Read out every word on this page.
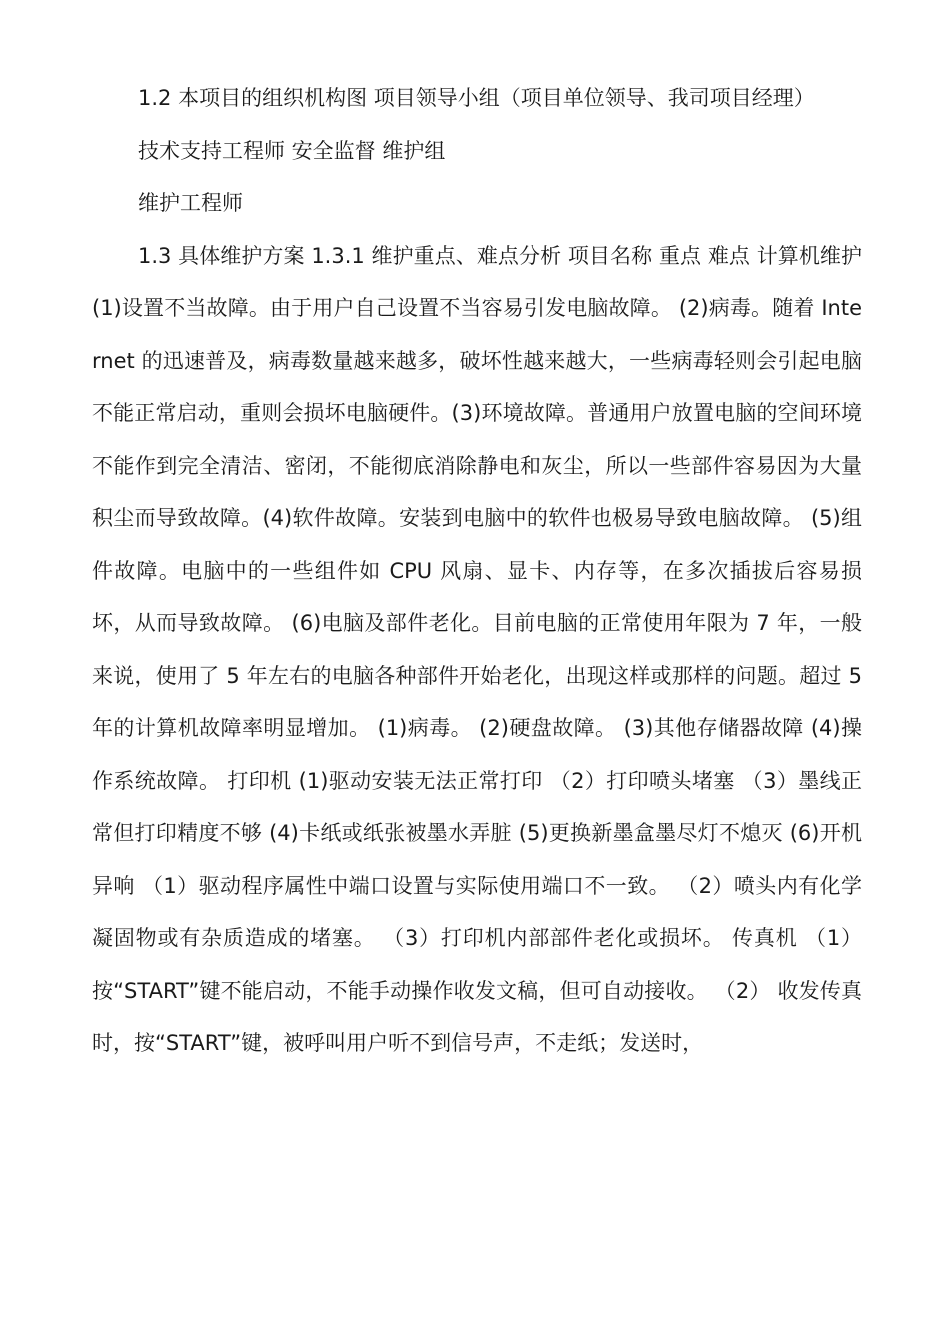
1.2 本项目的组织机构图 项目领导小组（项目单位领导、我司项目经理）

技术支持工程师 安全监督 维护组

维护工程师

1.3 具体维护方案 1.3.1 维护重点、难点分析 项目名称 重点 难点 计算机维护 (1)设置不当故障。由于用户自己设置不当容易引发电脑故障。 (2)病毒。随着 Internet 的迅速普及，病毒数量越来越多，破坏性越来越大，一些病毒轻则会引起电脑不能正常启动，重则会损坏电脑硬件。(3)环境故障。普通用户放置电脑的空间环境不能作到完全清洁、密闭，不能彻底消除静电和灰尘，所以一些部件容易因为大量积尘而导致故障。(4)软件故障。安装到电脑中的软件也极易导致电脑故障。 (5)组件故障。电脑中的一些组件如 CPU 风扇、显卡、内存等，在多次插拔后容易损坏，从而导致故障。 (6)电脑及部件老化。目前电脑的正常使用年限为 7 年，一般来说，使用了 5 年左右的电脑各种部件开始老化，出现这样或那样的问题。超过 5 年的计算机故障率明显增加。 (1)病毒。 (2)硬盘故障。 (3)其他存储器故障 (4)操作系统故障。 打印机 (1)驱动安装无法正常打印 （2）打印喷头堵塞 （3）墨线正常但打印精度不够 (4)卡纸或纸张被墨水弄脏 (5)更换新墨盒墨尽灯不熄灭 (6)开机异响 （1）驱动程序属性中端口设置与实际使用端口不一致。 （2）喷头内有化学凝固物或有杂质造成的堵塞。 （3）打印机内部部件老化或损坏。 传真机 （1） 按“START”键不能启动，不能手动操作收发文稿，但可自动接收。 （2） 收发传真时，按“START”键，被呼叫用户听不到信号声，不走纸；发送时，
